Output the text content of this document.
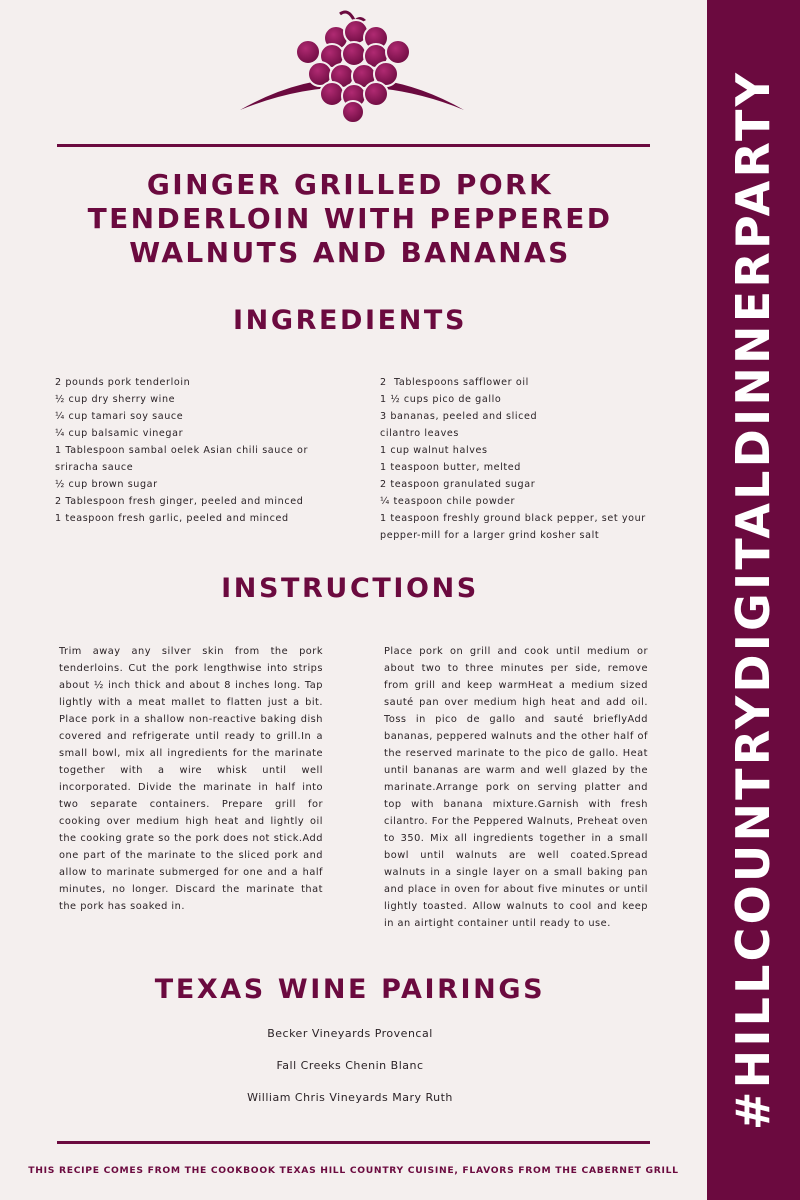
#HILLCOUNTRYDIGITALDINNERPARTY
GINGER GRILLED PORK TENDERLOIN WITH PEPPERED WALNUTS AND BANANAS
INGREDIENTS
2 pounds pork tenderloin
½ cup dry sherry wine
¼ cup tamari soy sauce
¼ cup balsamic vinegar
1 Tablespoon sambal oelek Asian chili sauce or sriracha sauce
½ cup brown sugar
2 Tablespoon fresh ginger, peeled and minced
1 teaspoon fresh garlic, peeled and minced
2  Tablespoons safflower oil
1 ½ cups pico de gallo
3 bananas, peeled and sliced
cilantro leaves
1 cup walnut halves
1 teaspoon butter, melted
2 teaspoon granulated sugar
¼ teaspoon chile powder
1 teaspoon freshly ground black pepper, set your pepper-mill for a larger grind kosher salt
INSTRUCTIONS

Trim away any silver skin from the pork tenderloins. Cut the pork lengthwise into strips about ½ inch thick and about 8 inches long. Tap lightly with a meat mallet to flatten just a bit. Place pork in a shallow non-reactive baking dish covered and refrigerate until ready to grill.In a small bowl, mix all ingredients for the marinate together with a wire whisk until well incorporated. Divide the marinate in half into two separate containers. Prepare grill for cooking over medium high heat and lightly oil the cooking grate so the pork does not stick.Add one part of the marinate to the sliced pork and allow to marinate submerged for one and a half minutes, no longer. Discard the marinate that the pork has soaked in.

Place pork on grill and cook until medium or about two to three minutes per side, remove from grill and keep warmHeat a medium sized sauté pan over medium high heat and add oil. Toss in pico de gallo and sauté brieflyAdd bananas, peppered walnuts and the other half of the reserved marinate to the pico de gallo. Heat until bananas are warm and well glazed by the marinate.Arrange pork on serving platter and top with banana mixture.Garnish with fresh cilantro. For the Peppered Walnuts, Preheat oven to 350. Mix all ingredients together in a small bowl until walnuts are well coated.Spread walnuts in a single layer on a small baking pan and place in oven for about five minutes or until lightly toasted. Allow walnuts to cool and keep in an airtight container until ready to use.

TEXAS WINE PAIRINGS
Becker Vineyards Provencal
Fall Creeks Chenin Blanc
William Chris Vineyards Mary Ruth
THIS RECIPE COMES FROM THE COOKBOOK TEXAS HILL COUNTRY CUISINE, FLAVORS FROM THE CABERNET GRILL
